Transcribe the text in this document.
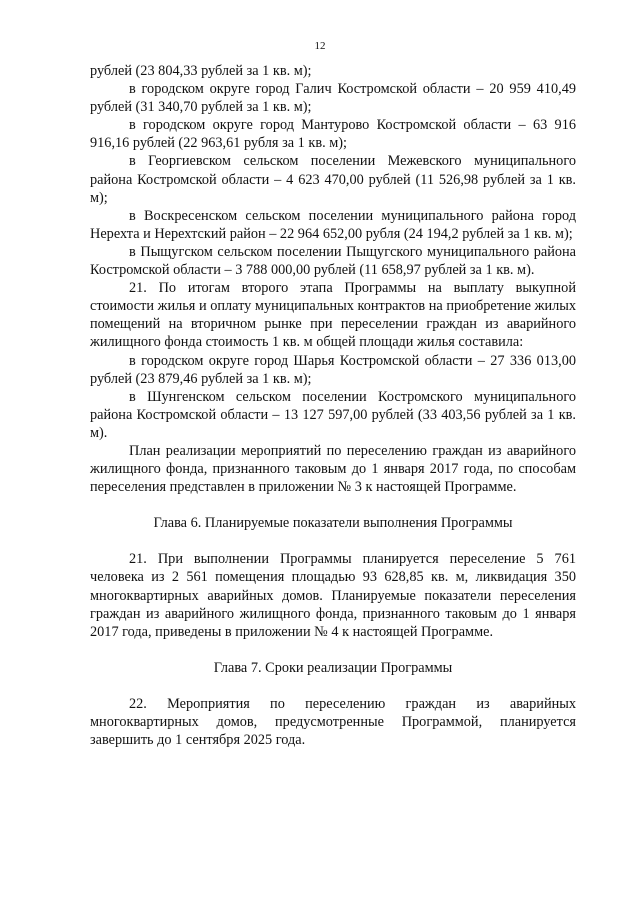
12

рублей (23 804,33 рублей за 1 кв. м);

в городском округе город Галич Костромской области – 20 959 410,49 рублей (31 340,70 рублей за 1 кв. м);

в городском округе город Мантурово Костромской области – 63 916 916,16 рублей (22 963,61 рубля за 1 кв. м);

в Георгиевском сельском поселении Межевского муниципального района Костромской области – 4 623 470,00 рублей (11 526,98 рублей за 1 кв. м);

в Воскресенском сельском поселении муниципального района город Нерехта и Нерехтский район – 22 964 652,00 рубля (24 194,2 рублей за 1 кв. м);

в Пыщугском сельском поселении Пыщугского муниципального района Костромской области – 3 788 000,00 рублей (11 658,97 рублей за 1 кв. м).

21. По итогам второго этапа Программы на выплату выкупной стоимости жилья и оплату муниципальных контрактов на приобретение жилых помещений на вторичном рынке при переселении граждан из аварийного жилищного фонда стоимость 1 кв. м общей площади жилья составила:

в городском округе город Шарья Костромской области – 27 336 013,00 рублей (23 879,46 рублей за 1 кв. м);

в Шунгенском сельском поселении Костромского муниципального района Костромской области – 13 127 597,00 рублей (33 403,56 рублей за 1 кв. м).

План реализации мероприятий по переселению граждан из аварийного жилищного фонда, признанного таковым до 1 января 2017 года, по способам переселения представлен в приложении № 3 к настоящей Программе.

Глава 6. Планируемые показатели выполнения Программы

21. При выполнении Программы планируется переселение 5 761 человека из 2 561 помещения площадью 93 628,85 кв. м, ликвидация 350 многоквартирных аварийных домов. Планируемые показатели переселения граждан из аварийного жилищного фонда, признанного таковым до 1 января 2017 года, приведены в приложении № 4 к настоящей Программе.

Глава 7. Сроки реализации Программы

22. Мероприятия по переселению граждан из аварийных многоквартирных домов, предусмотренные Программой, планируется завершить до 1 сентября 2025 года.
